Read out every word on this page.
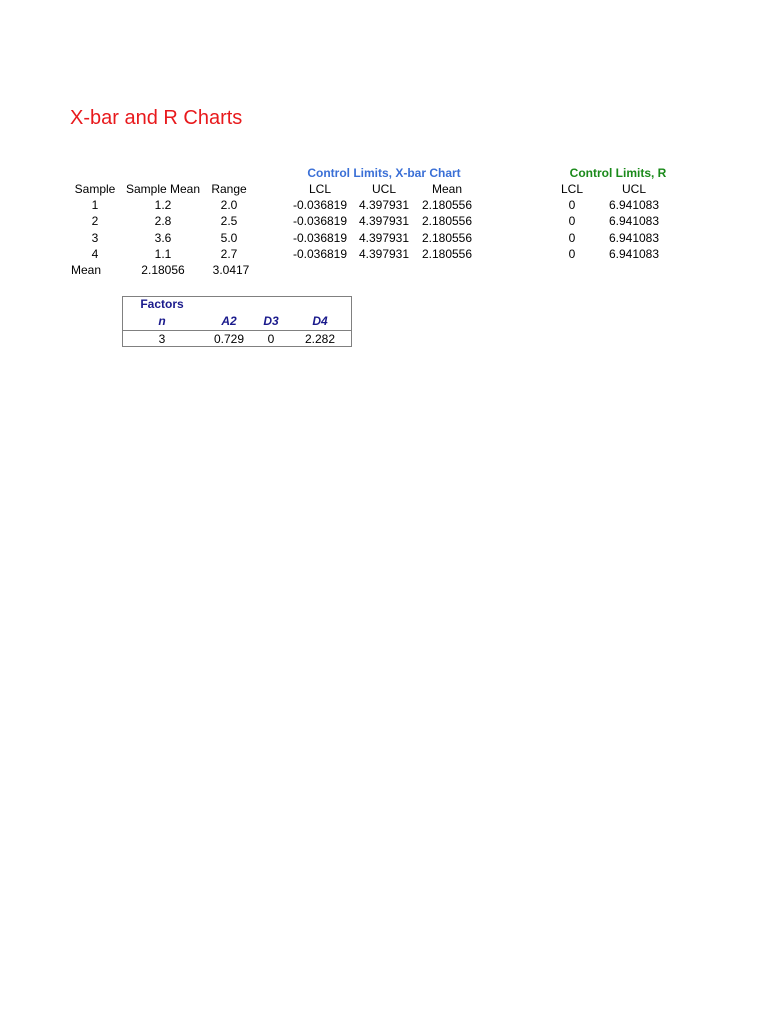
X-bar and R Charts
Control Limits, X-bar Chart	Control Limits, R
Sample Sample Mean Range	LCL	UCL	Mean	LCL	UCL
1	1.2	2.0	-0.036819 4.397931 2.180556	0	6.941083
2	2.8	2.5	-0.036819 4.397931 2.180556	0	6.941083
3	3.6	5.0	-0.036819 4.397931 2.180556	0	6.941083
4	1.1	2.7	-0.036819 4.397931 2.180556	0	6.941083
Mean	2.18056 3.0417
Factors
n	A2 D3	D4
3	0.729 0	2.282
